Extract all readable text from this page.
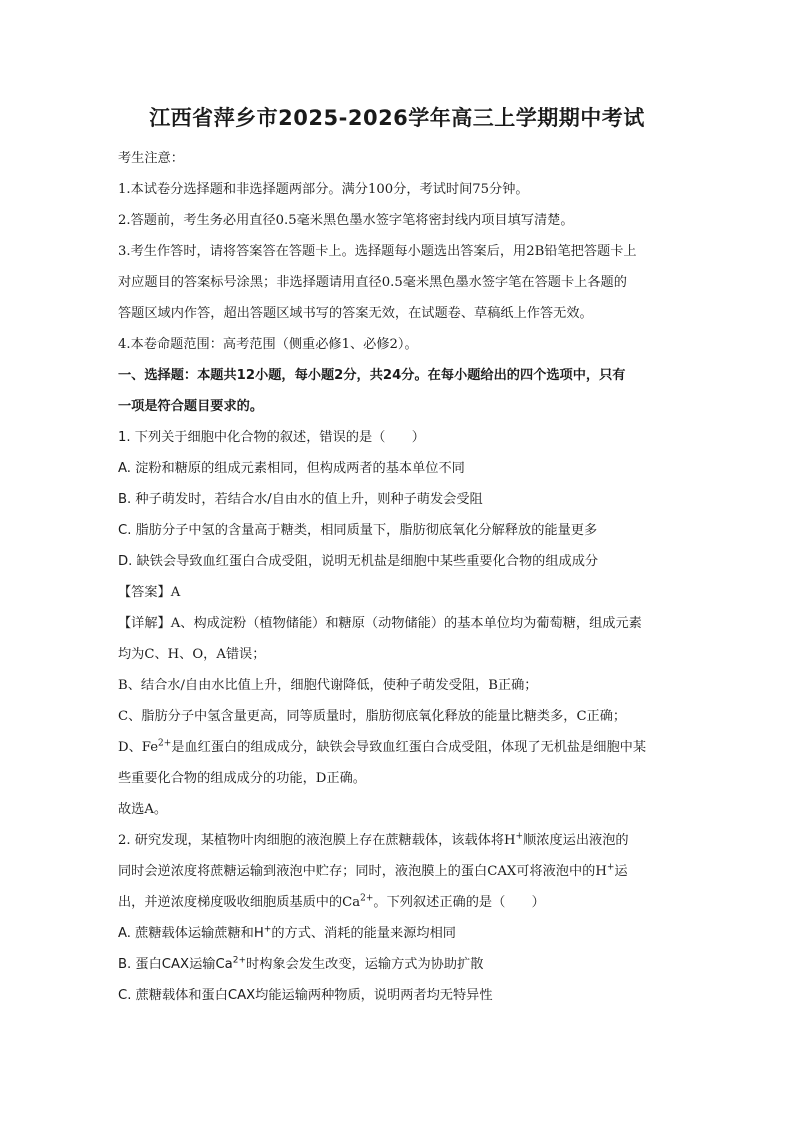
江西省萍乡市2025-2026学年高三上学期期中考试
考生注意：
1.本试卷分选择题和非选择题两部分。满分100分，考试时间75分钟。
2.答题前，考生务必用直径0.5毫米黑色墨水签字笔将密封线内项目填写清楚。
3.考生作答时，请将答案答在答题卡上。选择题每小题选出答案后，用2B铅笔把答题卡上
对应题目的答案标号涂黑；非选择题请用直径0.5毫米黑色墨水签字笔在答题卡上各题的
答题区域内作答，超出答题区域书写的答案无效，在试题卷、草稿纸上作答无效。
4.本卷命题范围：高考范围（侧重必修1、必修2）。
一、选择题：本题共12小题，每小题2分，共24分。在每小题给出的四个选项中，只有
一项是符合题目要求的。
1. 下列关于细胞中化合物的叙述，错误的是（　　）
A. 淀粉和糖原的组成元素相同，但构成两者的基本单位不同
B. 种子萌发时，若结合水/自由水的值上升，则种子萌发会受阻
C. 脂肪分子中氢的含量高于糖类，相同质量下，脂肪彻底氧化分解释放的能量更多
D. 缺铁会导致血红蛋白合成受阻，说明无机盐是细胞中某些重要化合物的组成成分
【答案】A
【详解】A、构成淀粉（植物储能）和糖原（动物储能）的基本单位均为葡萄糖，组成元素
均为C、H、O，A错误；
B、结合水/自由水比值上升，细胞代谢降低，使种子萌发受阻，B正确；
C、脂肪分子中氢含量更高，同等质量时，脂肪彻底氧化释放的能量比糖类多，C正确；
D、$Fe^{2+}$是血红蛋白的组成成分，缺铁会导致血红蛋白合成受阻，体现了无机盐是细胞中某
些重要化合物的组成成分的功能，D正确。
故选A。
2. 研究发现，某植物叶肉细胞的液泡膜上存在蔗糖载体，该载体将H+顺浓度运出液泡的
同时会逆浓度将蔗糖运输到液泡中贮存；同时，液泡膜上的蛋白CAX可将液泡中的H+运
出，并逆浓度梯度吸收细胞质基质中的$Ca^{2+}$。下列叙述正确的是（　　）
A. 蔗糖载体运输蔗糖和H+的方式、消耗的能量来源均相同
B. 蛋白CAX运输$Ca^{2+}$时构象会发生改变，运输方式为协助扩散
C. 蔗糖载体和蛋白CAX均能运输两种物质，说明两者均无特异性
